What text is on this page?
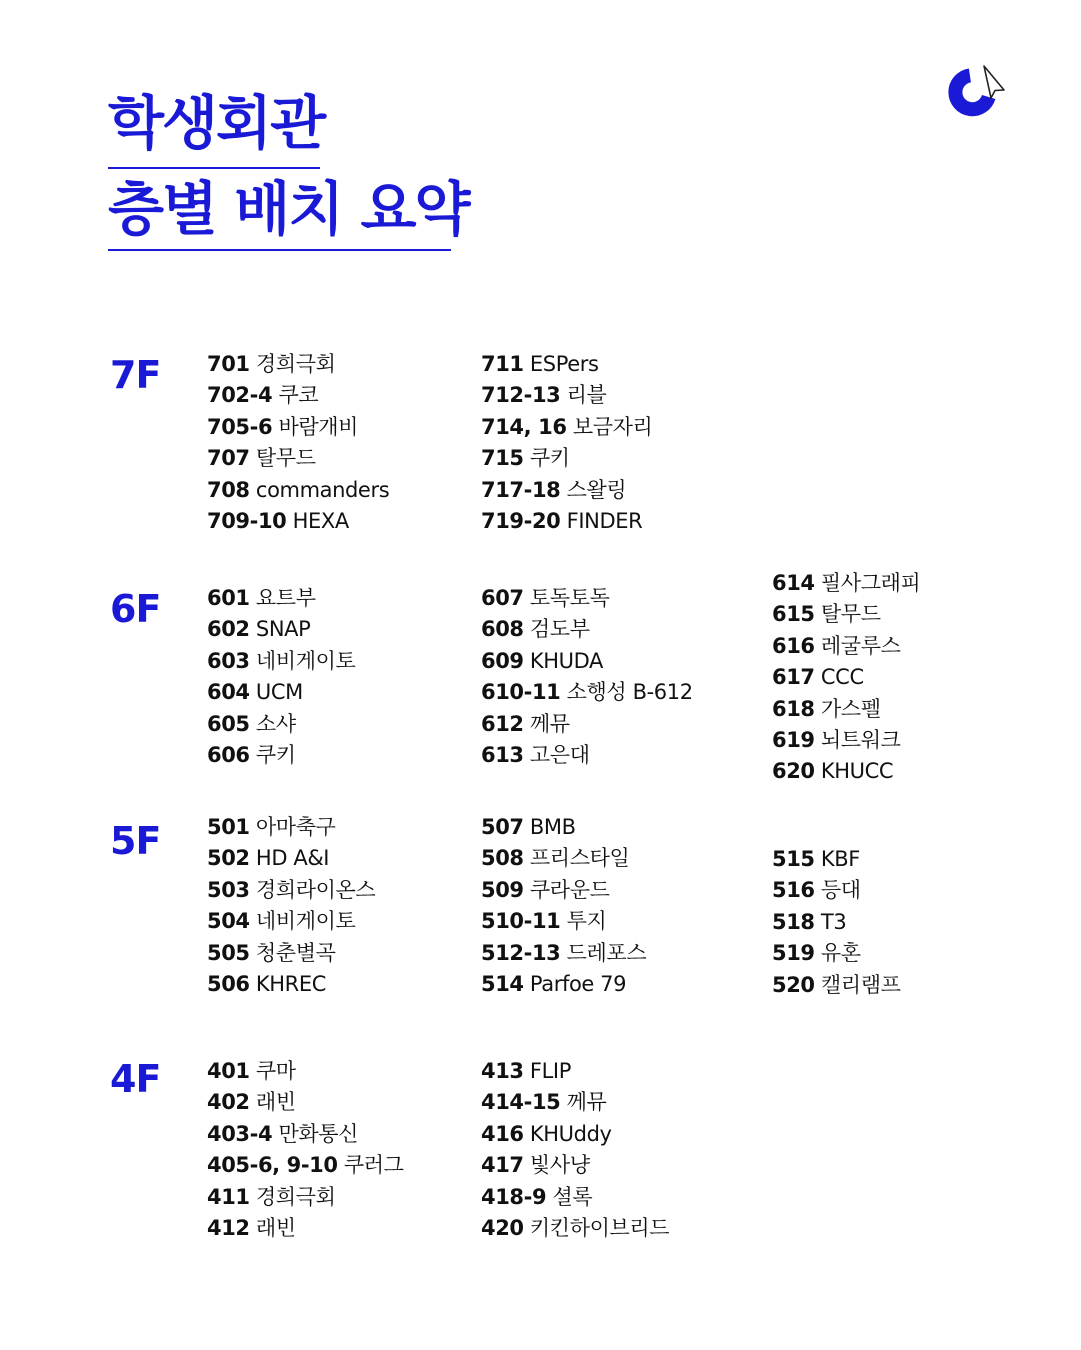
학생회관
층별 배치 요약
7F 701 경희극회
702-4 쿠코
705-6 바람개비
707 탈무드
708 commanders
709-10 HEXA
711 ESPers
712-13 리블
714, 16 보금자리
715 쿠키
717-18 스왈링
719-20 FINDER
6F 601 요트부
602 SNAP
603 네비게이토
604 UCM
605 소샤
606 쿠키
607 토독토독
608 검도부
609 KHUDA
610-11 소행성 B-612
612 께뮤
613 고은대
614 필사그래피
615 탈무드
616 레굴루스
617 CCC
618 가스펠
619 뇌트워크
620 KHUCC
5F 501 아마축구
502 HD A&I
503 경희라이온스
504 네비게이토
505 청춘별곡
506 KHREC
507 BMB
508 프리스타일
509 쿠라운드
510-11 투지
512-13 드레포스
514 Parfoe 79
515 KBF
516 등대
518 T3
519 유혼
520 캘리램프
4F 401 쿠마
402 래빈
403-4 만화통신
405-6, 9-10 쿠러그
411 경희극회
412 래빈
413 FLIP
414-15 께뮤
416 KHUddy
417 빛사냥
418-9 셜록
420 키킨하이브리드
